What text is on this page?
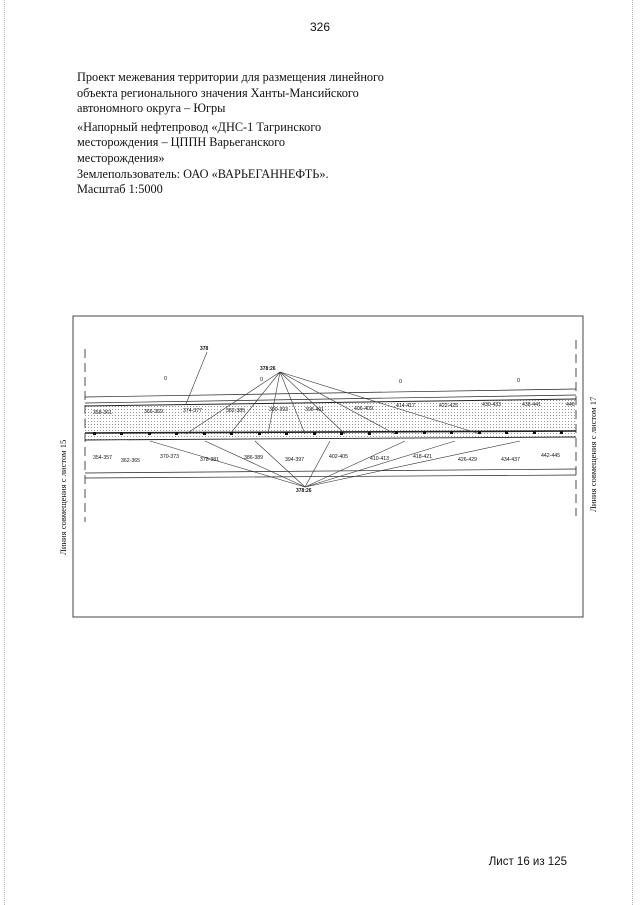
326
Проект межевания территории для размещения линейного
объекта регионального значения Ханты-Мансийского
автономного округа – Югры
«Напорный нефтепровод «ДНС-1 Тагринского
месторождения – ЦППН Варьеганского
месторождения»
Землепользователь: ОАО «ВАРЬЕГАННЕФТЬ».
Масштаб 1:5000
378
378:26
378:26
0	0	0	0
358-361	366-369	374-377	382-385	390-393	398-401	406-409	414-417	422-425	430-433	438-441	446
354-357 362-365
370-373	378-381	386-389	394-397	402-405	410-413	418-421	426-429	434-437
442-445
Линия совмещения с листом 15	Линия совмещения с листом 17
Лист 16 из 125
